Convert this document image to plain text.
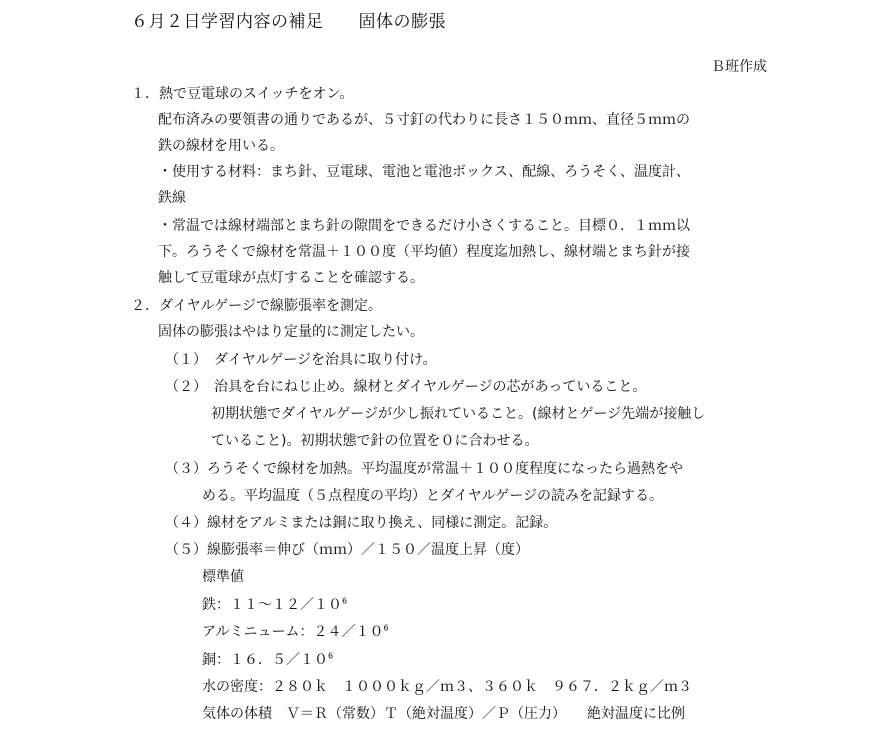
６月２日学習内容の補足　　固体の膨張
Ｂ班作成
１．熱で豆電球のスイッチをオン。
配布済みの要領書の通りであるが、５寸釘の代わりに長さ１５０ｍｍ、直径５ｍｍの
鉄の線材を用いる。
・使用する材料：まち針、豆電球、電池と電池ボックス、配線、ろうそく、温度計、
鉄線
・常温では線材端部とまち針の隙間をできるだけ小さくすること。目標０．１ｍｍ以
下。ろうそくで線材を常温＋１００度（平均値）程度迄加熱し、線材端とまち針が接
触して豆電球が点灯することを確認する。
２．ダイヤルゲージで線膨張率を測定。
固体の膨張はやはり定量的に測定したい。
（１）　ダイヤルゲージを治具に取り付け。
（２）　治具を台にねじ止め。線材とダイヤルゲージの芯があっていること。
初期状態でダイヤルゲージが少し振れていること。(線材とゲージ先端が接触し
ていること)。初期状態で針の位置を０に合わせる。
（３）ろうそくで線材を加熱。平均温度が常温＋１００度程度になったら過熱をや
める。平均温度（５点程度の平均）とダイヤルゲージの読みを記録する。
（４）線材をアルミまたは銅に取り換え、同様に測定。記録。
（５）線膨張率＝伸び（ｍｍ）／１５０／温度上昇（度）
標準値
鉄：$11\sim 12/10^6$
アルミニューム：$24/10^6$
銅：１６．$5/10^6$
水の密度：２８０ｋ　１０００ｋｇ／ｍ３、３６０ｋ　９６７．２ｋｇ／ｍ３
気体の体積　Ｖ＝Ｒ（常数）Ｔ（絶対温度）／Ｐ（圧力）　　絶対温度に比例
